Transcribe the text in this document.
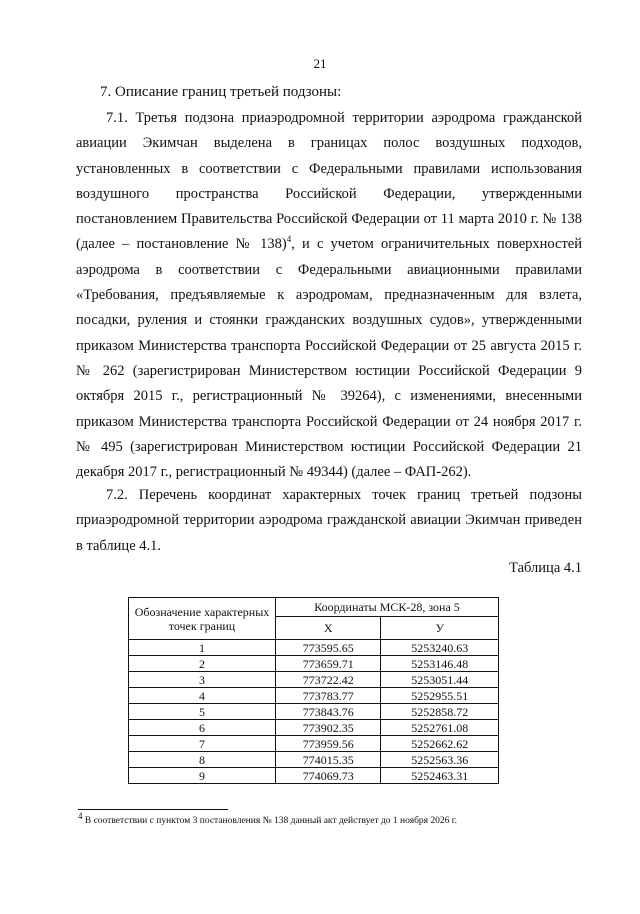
21
7. Описание границ третьей подзоны:

7.1. Третья подзона приаэродромной территории аэродрома гражданской авиации Экимчан выделена в границах полос воздушных подходов, установленных в соответствии с Федеральными правилами использования воздушного пространства Российской Федерации, утвержденными постановлением Правительства Российской Федерации от 11 марта 2010 г. № 138 (далее – постановление № 138)$^4$, и с учетом ограничительных поверхностей аэродрома в соответствии с Федеральными авиационными правилами «Требования, предъявляемые к аэродромам, предназначенным для взлета, посадки, руления и стоянки гражданских воздушных судов», утвержденными приказом Министерства транспорта Российской Федерации от 25 августа 2015 г. № 262 (зарегистрирован Министерством юстиции Российской Федерации 9 октября 2015 г., регистрационный № 39264), с изменениями, внесенными приказом Министерства транспорта Российской Федерации от 24 ноября 2017 г. № 495 (зарегистрирован Министерством юстиции Российской Федерации 21 декабря 2017 г., регистрационный № 49344) (далее – ФАП-262).

7.2. Перечень координат характерных точек границ третьей подзоны приаэродромной территории аэродрома гражданской авиации Экимчан приведен в таблице 4.1.

Таблица 4.1
Обозначение характерных точек границ	Координаты МСК-28, зона 5	
	X	У
1	773595.65	5253240.63
2	773659.71	5253146.48
3	773722.42	5253051.44
4	773783.77	5252955.51
5	773843.76	5252858.72
6	773902.35	5252761.08
7	773959.56	5252662.62
8	774015.35	5252563.36
9	774069.73	5252463.31
$^4$ В соответствии с пунктом 3 постановления № 138 данный акт действует до 1 ноября 2026 г.
